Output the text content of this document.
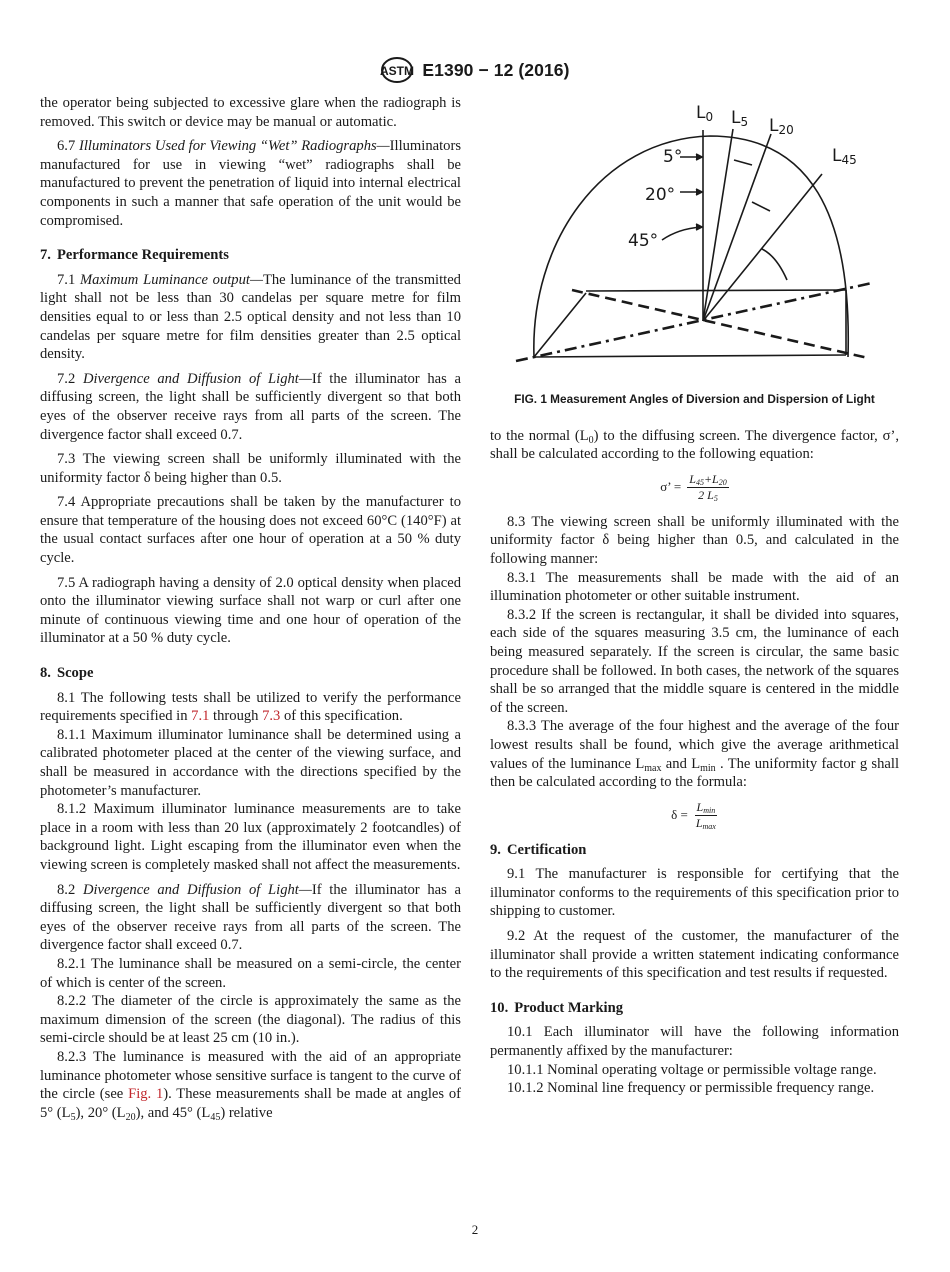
ASTM E1390 − 12 (2016)

the operator being subjected to excessive glare when the radiograph is removed. This switch or device may be manual or automatic.

6.7 Illuminators Used for Viewing “Wet” Radiographs—Illuminators manufactured for use in viewing “wet” radiographs shall be manufactured to prevent the penetration of liquid into internal electrical components in such a manner that safe operation of the unit would be compromised.

7. Performance Requirements

7.1 Maximum Luminance output—The luminance of the transmitted light shall not be less than 30 candelas per square metre for film densities equal to or less than 2.5 optical density and not less than 10 candelas per square metre for film densities greater than 2.5 optical density.

7.2 Divergence and Diffusion of Light—If the illuminator has a diffusing screen, the light shall be sufficiently divergent so that both eyes of the observer receive rays from all parts of the screen. The divergence factor shall exceed 0.7.

7.3 The viewing screen shall be uniformly illuminated with the uniformity factor δ being higher than 0.5.

7.4 Appropriate precautions shall be taken by the manufacturer to ensure that temperature of the housing does not exceed 60°C (140°F) at the usual contact surfaces after one hour of operation at a 50 % duty cycle.

7.5 A radiograph having a density of 2.0 optical density when placed onto the illuminator viewing surface shall not warp or curl after one minute of continuous viewing time and one hour of operation of the illuminator at a 50 % duty cycle.

8. Scope

8.1 The following tests shall be utilized to verify the performance requirements specified in 7.1 through 7.3 of this specification.

8.1.1 Maximum illuminator luminance shall be determined using a calibrated photometer placed at the center of the viewing surface, and shall be measured in accordance with the directions specified by the photometer’s manufacturer.

8.1.2 Maximum illuminator luminance measurements are to take place in a room with less than 20 lux (approximately 2 footcandles) of background light. Light escaping from the illuminator even when the viewing screen is completely masked shall not affect the measurements.

8.2 Divergence and Diffusion of Light—If the illuminator has a diffusing screen, the light shall be sufficiently divergent so that both eyes of the observer receive rays from all parts of the screen. The divergence factor shall exceed 0.7.

8.2.1 The luminance shall be measured on a semi-circle, the center of which is center of the screen.

8.2.2 The diameter of the circle is approximately the same as the maximum dimension of the screen (the diagonal). The radius of this semi-circle should be at least 25 cm (10 in.).

8.2.3 The luminance is measured with the aid of an appropriate luminance photometer whose sensitive surface is tangent to the curve of the circle (see Fig. 1). These measurements shall be made at angles of 5° $(L_5)$, 20° $(L_{20})$, and 45° $(L_{45})$ relative

L0 L5 L20
L45
5°
20°
45°
FIG. 1 Measurement Angles of Diversion and Dispersion of Light

to the normal $(L_0)$ to the diffusing screen. The divergence factor, σ’, shall be calculated according to the following equation:

σ’ = $\frac{L_{45}+L_{20}}{2 L_5}$

8.3 The viewing screen shall be uniformly illuminated with the uniformity factor δ being higher than 0.5, and calculated in the following manner:

8.3.1 The measurements shall be made with the aid of an illumination photometer or other suitable instrument.

8.3.2 If the screen is rectangular, it shall be divided into squares, each side of the squares measuring 3.5 cm, the luminance of each being measured separately. If the screen is circular, the same basic procedure shall be followed. In both cases, the network of the squares shall be so arranged that the middle square is centered in the middle of the screen.

8.3.3 The average of the four highest and the average of the four lowest results shall be found, which give the average arithmetical values of the luminance $L_{max}$ and $L_{min}$ . The uniformity factor g shall then be calculated according to the formula:

$\delta = \frac{L_{min}}{L_{max}}$
9. Certification

9.1 The manufacturer is responsible for certifying that the illuminator conforms to the requirements of this specification prior to shipping to customer.

9.2 At the request of the customer, the manufacturer of the illuminator shall provide a written statement indicating conformance to the requirements of this specification and test results if requested.

10. Product Marking

10.1 Each illuminator will have the following information permanently affixed by the manufacturer:

10.1.1 Nominal operating voltage or permissible voltage range.

10.1.2 Nominal line frequency or permissible frequency range.

2
